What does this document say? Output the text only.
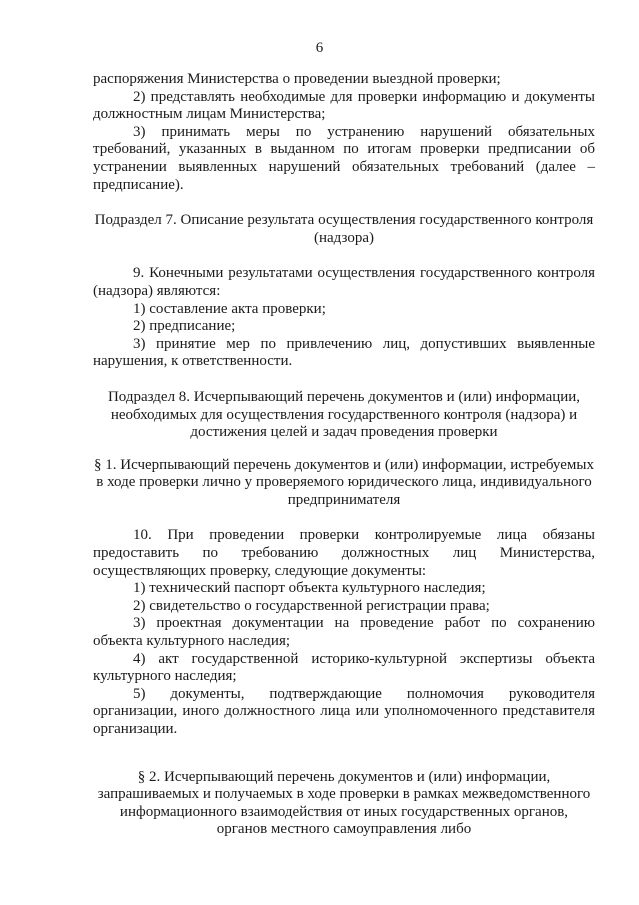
6

распоряжения Министерства о проведении выездной проверки;

2) представлять необходимые для проверки информацию и документы должностным лицам Министерства;

3) принимать меры по устранению нарушений обязательных требований, указанных в выданном по итогам проверки предписании об устранении выявленных нарушений обязательных требований (далее – предписание).

Подраздел 7. Описание результата осуществления государственного контроля (надзора)

9. Конечными результатами осуществления государственного контроля (надзора) являются:

1) составление акта проверки;

2) предписание;

3) принятие мер по привлечению лиц, допустивших выявленные нарушения, к ответственности.

Подраздел 8. Исчерпывающий перечень документов и (или) информации, необходимых для осуществления государственного контроля (надзора) и достижения целей и задач проведения проверки

§ 1. Исчерпывающий перечень документов и (или) информации, истребуемых в ходе проверки лично у проверяемого юридического лица, индивидуального предпринимателя

10. При проведении проверки контролируемые лица обязаны предоставить по требованию должностных лиц Министерства, осуществляющих проверку, следующие документы:

1) технический паспорт объекта культурного наследия;

2) свидетельство о государственной регистрации права;

3) проектная документации на проведение работ по сохранению объекта культурного наследия;

4) акт государственной историко-культурной экспертизы объекта культурного наследия;

5) документы, подтверждающие полномочия руководителя организации, иного должностного лица или уполномоченного представителя организации.

§ 2. Исчерпывающий перечень документов и (или) информации, запрашиваемых и получаемых в ходе проверки в рамках межведомственного информационного взаимодействия от иных государственных органов, органов местного самоуправления либо
